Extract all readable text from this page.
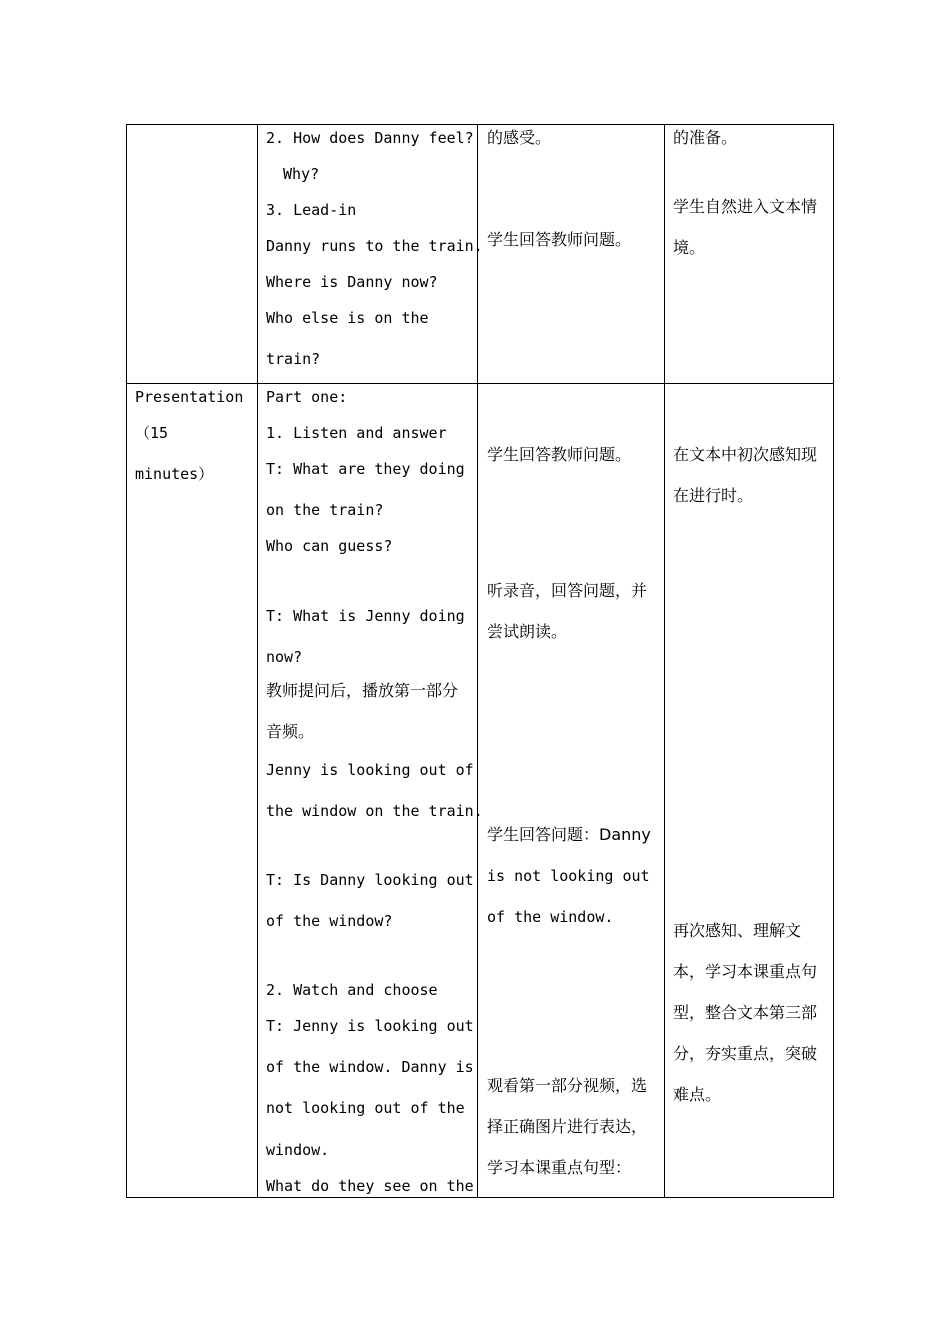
2. How does Danny feel?
Why?
3. Lead-in
Danny runs to the train.
Where is Danny now?
Who else is on the
train?
的感受。
学生回答教师问题。
的准备。
学生自然进入文本情
境。
Presentation
（15
minutes）
Part one:
1. Listen and answer
T: What are they doing
on the train?
Who can guess?
T: What is Jenny doing
now?
教师提问后，播放第一部分
音频。
Jenny is looking out of
the window on the train.
T: Is Danny looking out
of the window?
2. Watch and choose
T: Jenny is looking out
of the window. Danny is
not looking out of the
window.
What do they see on the
学生回答教师问题。
听录音，回答问题，并
尝试朗读。
学生回答问题：Danny
is not looking out
of the window.
观看第一部分视频，选
择正确图片进行表达，
学习本课重点句型：
在文本中初次感知现
在进行时。
再次感知、理解文
本，学习本课重点句
型，整合文本第三部
分，夯实重点，突破
难点。
